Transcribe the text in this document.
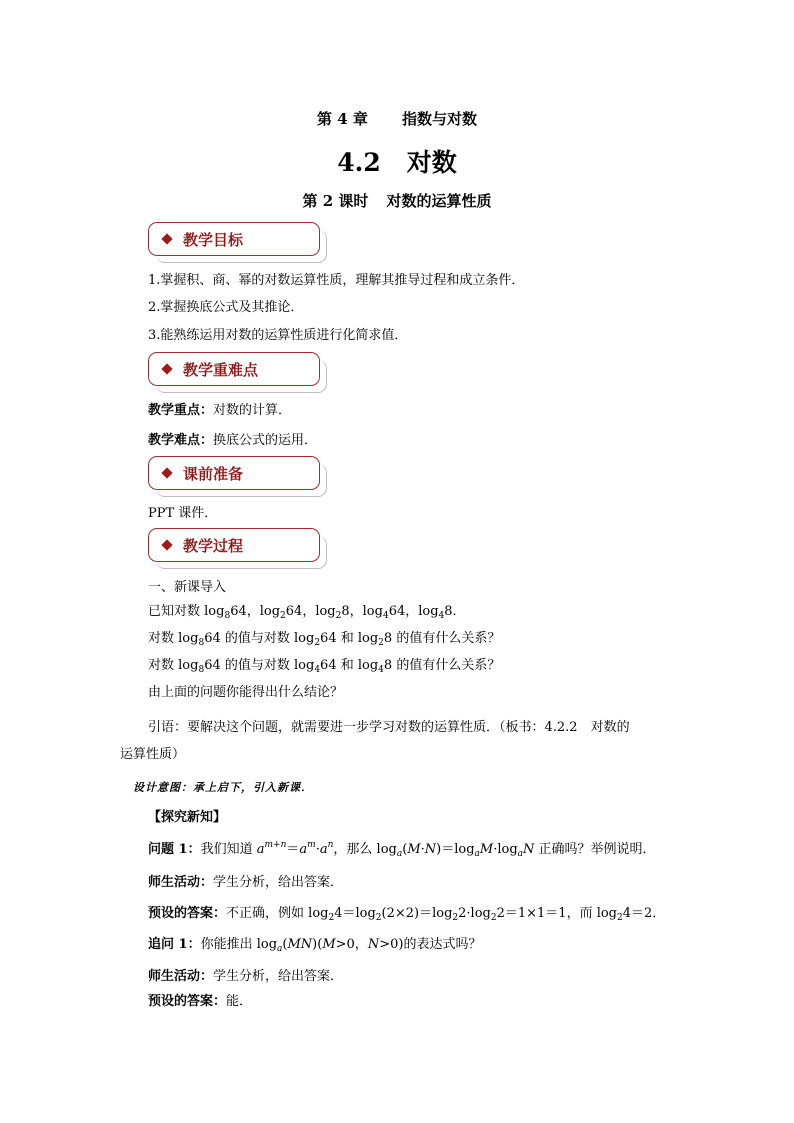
第 4 章 指数与对数
4.2 对数
第 2 课时 对数的运算性质
教学目标
1.掌握积、商、幂的对数运算性质，理解其推导过程和成立条件．
2.掌握换底公式及其推论．
3.能熟练运用对数的运算性质进行化简求值．
教学重难点
教学重点：对数的计算．
教学难点：换底公式的运用．
课前准备
PPT 课件．
教学过程
一、新课导入
已知对数 $\log_864$，$\log_264$，$\log_28$，$\log_464$，$\log_48$．
对数 $\log_864$ 的值与对数 $\log_264$ 和 $\log_28$ 的值有什么关系？
对数 $\log_864$ 的值与对数 $\log_464$ 和 $\log_48$ 的值有什么关系？
由上面的问题你能得出什么结论？
引语：要解决这个问题，就需要进一步学习对数的运算性质．（板书：4.2.2　对数的
运算性质）
设计意图：承上启下，引入新课．
【探究新知】
问题 1：我们知道 $a^{m+n}=a^m\cdot a^n$，那么 $\log_a(M\cdot N)=\log_aM\cdot\log_aN$ 正确吗？举例说明．
师生活动：学生分析，给出答案．
预设的答案：不正确，例如 $\log_24=\log_2(2\times 2)=\log_22\cdot\log_22=1\times 1=1$，而 $\log_24=2$．
追问 1：你能推出 $\log_a(MN)(M>0$，N>0)的表达式吗？
师生活动：学生分析，给出答案．
预设的答案：能．
